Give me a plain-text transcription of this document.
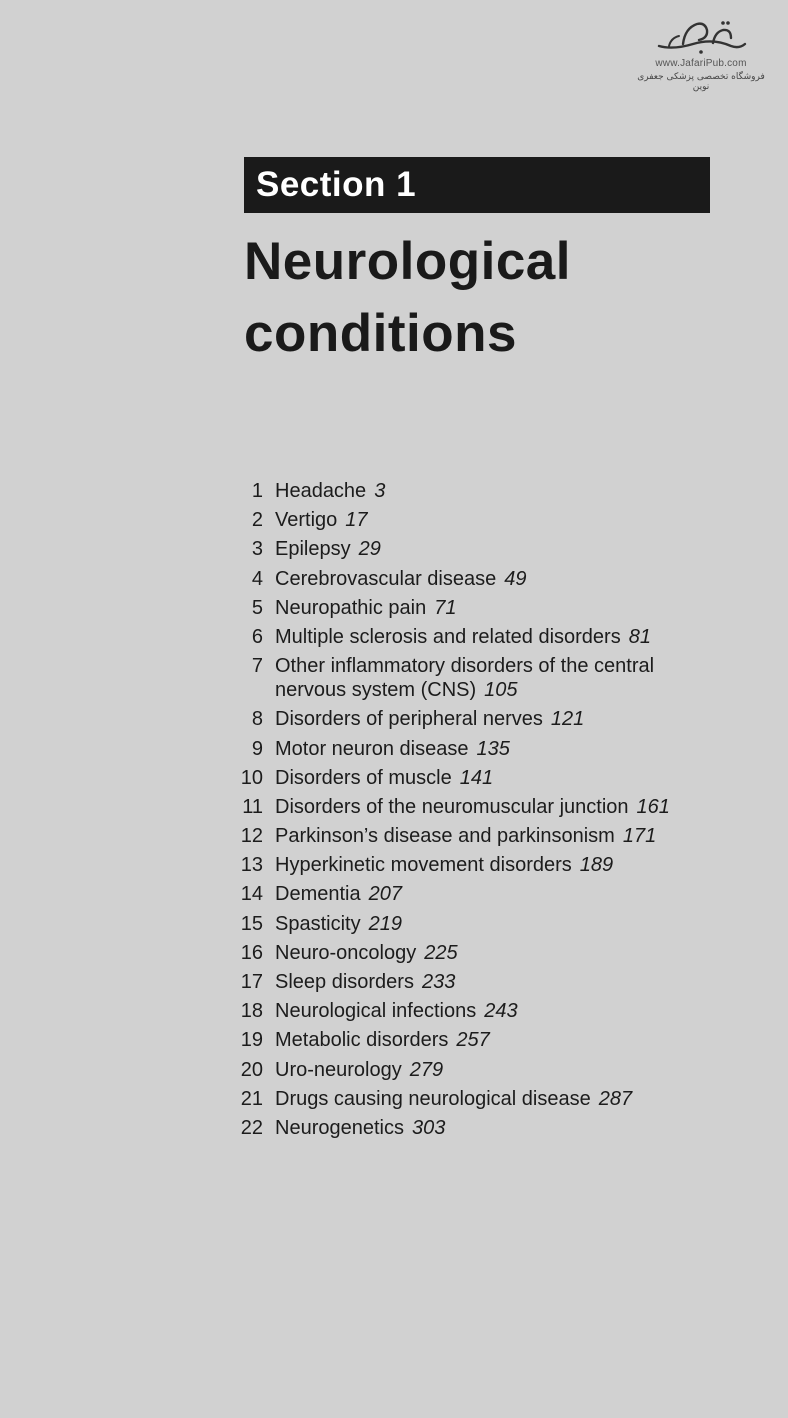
www.JafariPub.com
فروشگاه تخصصی پزشکی جعفری نوین
Section 1
Neurological
conditions
1 Headache 3
2 Vertigo 17
3 Epilepsy 29
4 Cerebrovascular disease 49
5 Neuropathic pain 71
6 Multiple sclerosis and related disorders 81
7 Other inflammatory disorders of the central nervous system (CNS) 105
8 Disorders of peripheral nerves 121
9 Motor neuron disease 135
10 Disorders of muscle 141
11 Disorders of the neuromuscular junction 161
12 Parkinson’s disease and parkinsonism 171
13 Hyperkinetic movement disorders 189
14 Dementia 207
15 Spasticity 219
16 Neuro-oncology 225
17 Sleep disorders 233
18 Neurological infections 243
19 Metabolic disorders 257
20 Uro-neurology 279
21 Drugs causing neurological disease 287
22 Neurogenetics 303
